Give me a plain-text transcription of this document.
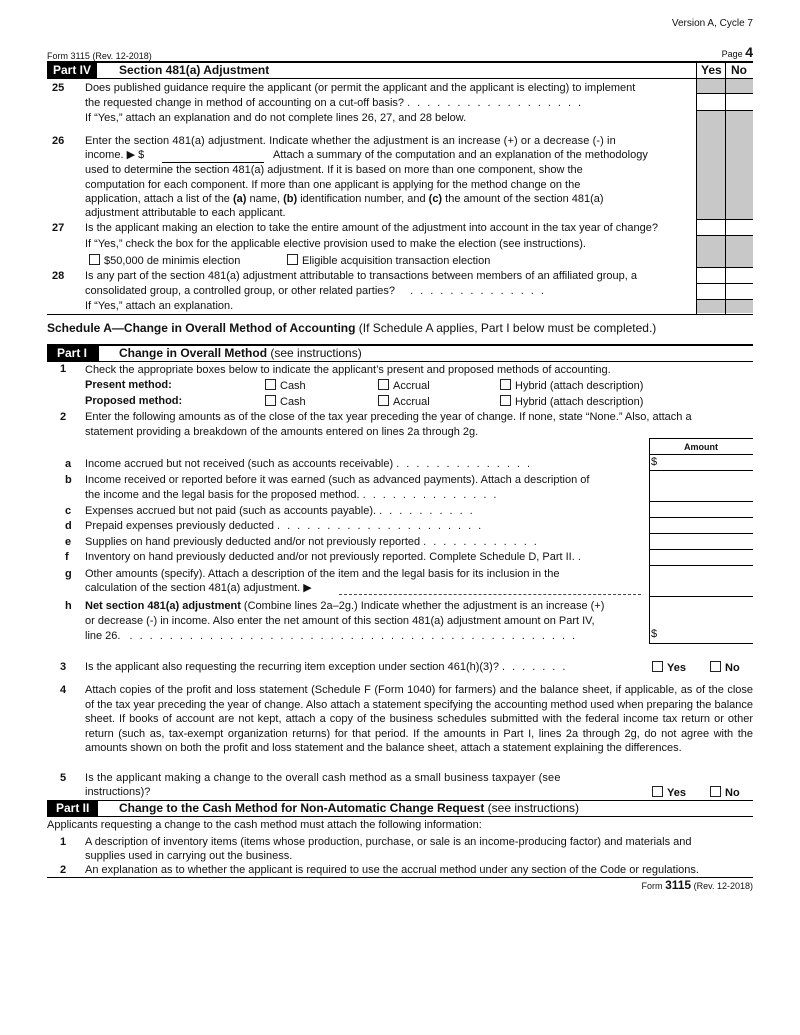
Version A, Cycle 7
Form 3115 (Rev. 12-2018)	Page 4
Part IV	Section 481(a) Adjustment	Yes No
25 Does published guidance require the applicant (or permit the applicant and the applicant is electing) to implement
the requested change in method of accounting on a cut-off basis? ..................
If “Yes,” attach an explanation and do not complete lines 26, 27, and 28 below.
26 Enter the section 481(a) adjustment. Indicate whether the adjustment is an increase (+) or a decrease (-) in
income. ▶ $	Attach a summary of the computation and an explanation of the methodology
used to determine the section 481(a) adjustment. If it is based on more than one component, show the
computation for each component. If more than one applicant is applying for the method change on the
application, attach a list of the (a) name, (b) identification number, and (c) the amount of the section 481(a)
adjustment attributable to each applicant.
27 Is the applicant making an election to take the entire amount of the adjustment into account in the tax year of change?
If “Yes,” check the box for the applicable elective provision used to make the election (see instructions).
$50,000 de minimis election	Eligible acquisition transaction election
28 Is any part of the section 481(a) adjustment attributable to transactions between members of an affiliated group, a
consolidated group, a controlled group, or other related parties? ..............
If “Yes,” attach an explanation.
Schedule A—Change in Overall Method of Accounting (If Schedule A applies, Part I below must be completed.)
Part I	Change in Overall Method (see instructions)
1 Check the appropriate boxes below to indicate the applicant’s present and proposed methods of accounting.
Present method:	Cash	Accrual	Hybrid (attach description)
Proposed method:	Cash	Accrual	Hybrid (attach description)
2 Enter the following amounts as of the close of the tax year preceding the year of change. If none, state “None.” Also, attach a
statement providing a breakdown of the amounts entered on lines 2a through 2g.
Amount
a Income accrued but not received (such as accounts receivable) ..............	$
b Income received or reported before it was earned (such as advanced payments). Attach a description of
the income and the legal basis for the proposed method. ..............
c Expenses accrued but not paid (such as accounts payable). ..........
d Prepaid expenses previously deducted .....................
e Supplies on hand previously deducted and/or not previously reported ............
f Inventory on hand previously deducted and/or not previously reported. Complete Schedule D, Part II. .
g Other amounts (specify). Attach a description of the item and the legal basis for its inclusion in the
calculation of the section 481(a) adjustment. ▶
h Net section 481(a) adjustment (Combine lines 2a–2g.) Indicate whether the adjustment is an increase (+)
or decrease (-) in income. Also enter the net amount of this section 481(a) adjustment amount on Part IV,
line 26. .............................................	$
3 Is the applicant also requesting the recurring item exception under section 461(h)(3)? .......	Yes	No
4 Attach copies of the profit and loss statement (Schedule F (Form 1040) for farmers) and the balance sheet, if applicable, as of the close of the tax year preceding the year of change. Also attach a statement specifying the accounting method used when preparing the balance sheet. If books of account are not kept, attach a copy of the business schedules submitted with the federal income tax return or other return (such as, tax-exempt organization returns) for that period. If the amounts in Part I, lines 2a through 2g, do not agree with the amounts shown on both the profit and loss statement and the balance sheet, attach a statement explaining the differences.
5 Is the applicant making a change to the overall cash method as a small business taxpayer (see
instructions)?	Yes	No
Part II	Change to the Cash Method for Non-Automatic Change Request (see instructions)
Applicants requesting a change to the cash method must attach the following information:
1 A description of inventory items (items whose production, purchase, or sale is an income-producing factor) and materials and
supplies used in carrying out the business.
2 An explanation as to whether the applicant is required to use the accrual method under any section of the Code or regulations.
Form 3115 (Rev. 12-2018)
